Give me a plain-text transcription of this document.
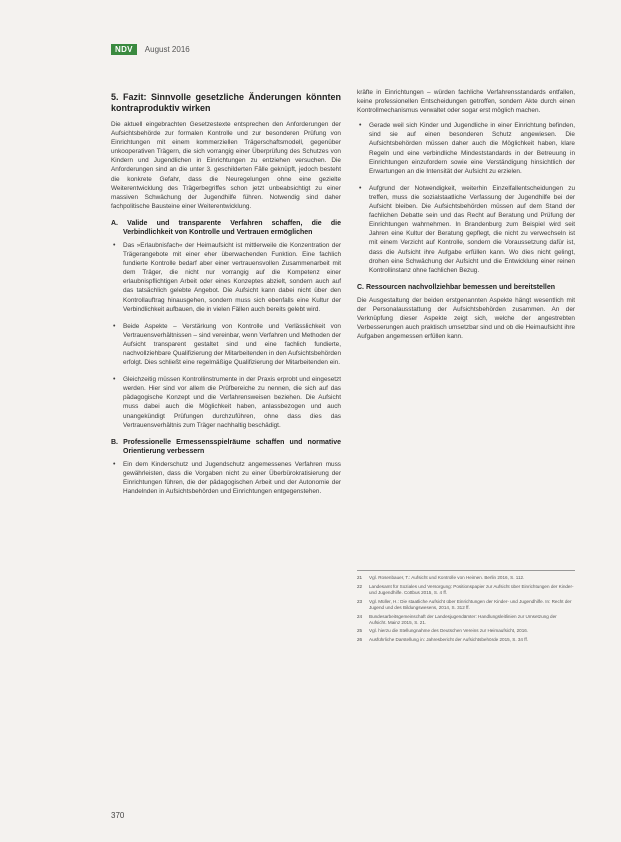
NDV	August 2016
5. Fazit: Sinnvolle gesetzliche Änderungen könnten kontraproduktiv wirken

Die aktuell eingebrachten Gesetzestexte entsprechen den Anforderungen der Aufsichtsbehörde zur formalen Kontrolle und zur besonderen Prüfung von Einrichtungen mit einem kommerziellen Trägerschaftsmodell, gegenüber unkooperativen Trägern, die sich vorrangig einer Überprüfung des Schutzes von Kindern und Jugendlichen in Einrichtungen zu entziehen versuchen. Die Anforderungen sind an die unter 3. geschilderten Fälle geknüpft, jedoch besteht die konkrete Gefahr, dass die Neuregelungen ohne eine gezielte Weiterentwicklung des Trägerbegriffes schon jetzt unbeabsichtigt zu einer massiven Schwächung der Jugendhilfe führen. Notwendig sind daher fachpolitische Bausteine einer Weiterentwicklung.

A. Valide und transparente Verfahren schaffen, die die Verbindlichkeit von Kontrolle und Vertrauen ermöglichen
• Das »Erlaubnisfach« der Heimaufsicht ist mittlerweile die Konzentration der Trägerangebote mit einer eher überwachenden Funktion. Eine fachlich fundierte Kontrolle bedarf aber einer vertrauensvollen Zusammenarbeit mit dem Träger, die nicht nur vorrangig auf die Kompetenz einer erlaubnispflichtigen Arbeit oder eines Konzeptes abzielt, sondern auch auf das tatsächlich gelebte Angebot. Die Aufsicht kann dabei nicht über den Kontrollauftrag hinausgehen, sondern muss sich ebenfalls eine Kultur der Verbindlichkeit aufbauen, die in vielen Fällen auch bereits gelebt wird.
• Beide Aspekte – Verstärkung von Kontrolle und Verlässlichkeit von Vertrauensverhältnissen – sind vereinbar, wenn Verfahren und Methoden der Aufsicht transparent gestaltet sind und eine fachlich fundierte, nachvollziehbare Qualifizierung der Mitarbeitenden in den Aufsichtsbehörden erfolgt. Dies schließt eine regelmäßige Qualifizierung der Mitarbeitenden ein.
• Gleichzeitig müssen Kontrollinstrumente in der Praxis erprobt und eingesetzt werden. Hier sind vor allem die Prüfbereiche zu nennen, die sich auf das pädagogische Konzept und die Verfahrensweisen beziehen. Die Aufsicht muss dabei auch die Möglichkeit haben, anlassbezogen und auch unangekündigt Prüfungen durchzuführen, ohne dass dies das Vertrauensverhältnis zum Träger nachhaltig beschädigt.
B. Professionelle Ermessensspielräume schaffen und normative Orientierung verbessern
• Ein dem Kinderschutz und Jugendschutz angemessenes Verfahren muss gewährleisten, dass die Vorgaben nicht zu einer Überbürokratisierung der Einrichtungen führen, die der pädagogischen Arbeit und der Autonomie der Handelnden in Aufsichtsbehörden und Einrichtungen entgegenstehen.

kräfte in Einrichtungen – würden fachliche Verfahrensstandards entfallen, keine professionellen Entscheidungen getroffen, sondern Akte durch einen Kontrollmechanismus verwaltet oder sogar erst möglich machen.

• Gerade weil sich Kinder und Jugendliche in einer Einrichtung befinden, sind sie auf einen besonderen Schutz angewiesen. Die Aufsichtsbehörden müssen daher auch die Möglichkeit haben, klare Regeln und eine verbindliche Mindeststandards in der Betreuung in Einrichtungen einzufordern sowie eine Verständigung hinsichtlich der Erwartungen an die Intensität der Aufsicht zu erzielen.
• Aufgrund der Notwendigkeit, weiterhin Einzelfallentscheidungen zu treffen, muss die sozialstaatliche Verfassung der Jugendhilfe bei der Aufsicht bleiben. Die Aufsichtsbehörden müssen auf dem Stand der fachlichen Debatte sein und das Recht auf Beratung und Prüfung der Einrichtungen wahrnehmen. In Brandenburg zum Beispiel wird seit Jahren eine Kultur der Beratung gepflegt, die nicht zu verwechseln ist mit einem Verzicht auf Kontrolle, sondern die Voraussetzung dafür ist, dass die Aufsicht ihre Aufgabe erfüllen kann. Wo dies nicht gelingt, drohen eine Schwächung der Aufsicht und die Entwicklung einer reinen Kontrollinstanz ohne fachlichen Bezug.
C. Ressourcen nachvollziehbar bemessen und bereitstellen

Die Ausgestaltung der beiden erstgenannten Aspekte hängt wesentlich mit der Personalausstattung der Aufsichtsbehörden zusammen. An der Verknüpfung dieser Aspekte zeigt sich, welche der angestrebten Verbesserungen auch praktisch umsetzbar sind und ob die Heimaufsicht ihre Aufgaben angemessen erfüllen kann.

21	Vgl. Rosenbauer, T.: Aufsicht und Kontrolle von Heimen. Berlin 2016, S. 112.
22	Landesamt für Soziales und Versorgung: Positionspapier zur Aufsicht über Einrichtungen der Kinder- und Jugendhilfe. Cottbus 2015, S. 4 ff.
23	Vgl. Müller, H.: Die staatliche Aufsicht über Einrichtungen der Kinder- und Jugendhilfe. In: Recht der Jugend und des Bildungswesens, 2014, S. 312 ff.
24	Bundesarbeitsgemeinschaft der Landesjugendämter: Handlungsleitlinien zur Umsetzung der Aufsicht. Mainz 2015, S. 21.
25	Vgl. hierzu die Stellungnahme des Deutschen Vereins zur Heimaufsicht, 2016.
26	Ausführliche Darstellung in: Jahresbericht der Aufsichtsbehörde 2015, S. 34 ff.
370
